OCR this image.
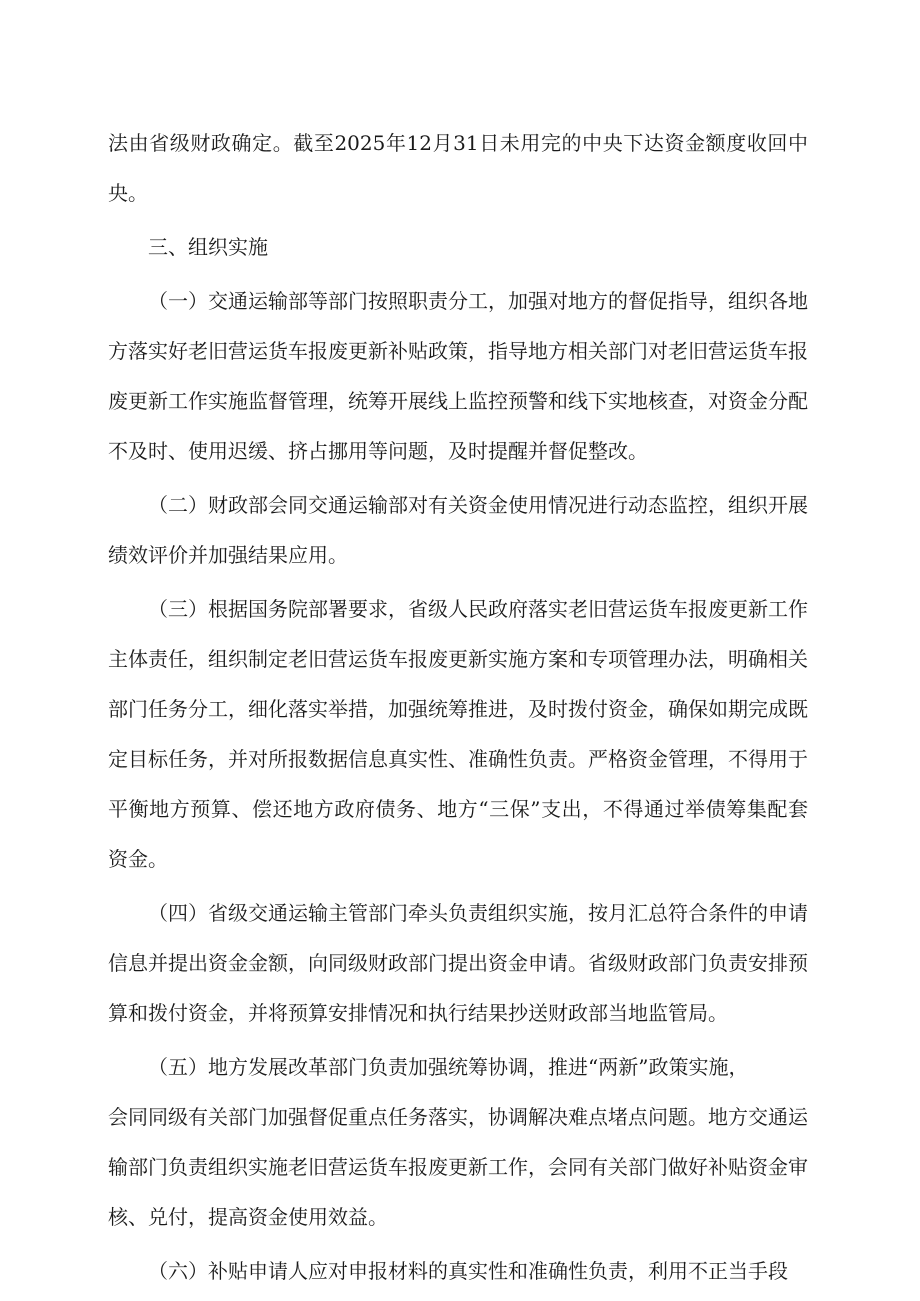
法由省级财政确定。截至2025年12月31日未用完的中央下达资金额度收回中央。

三、组织实施

（一）交通运输部等部门按照职责分工，加强对地方的督促指导，组织各地方落实好老旧营运货车报废更新补贴政策，指导地方相关部门对老旧营运货车报废更新工作实施监督管理，统筹开展线上监控预警和线下实地核查，对资金分配不及时、使用迟缓、挤占挪用等问题，及时提醒并督促整改。

（二）财政部会同交通运输部对有关资金使用情况进行动态监控，组织开展绩效评价并加强结果应用。

（三）根据国务院部署要求，省级人民政府落实老旧营运货车报废更新工作主体责任，组织制定老旧营运货车报废更新实施方案和专项管理办法，明确相关部门任务分工，细化落实举措，加强统筹推进，及时拨付资金，确保如期完成既定目标任务，并对所报数据信息真实性、准确性负责。严格资金管理，不得用于平衡地方预算、偿还地方政府债务、地方“三保”支出，不得通过举债筹集配套资金。

（四）省级交通运输主管部门牵头负责组织实施，按月汇总符合条件的申请信息并提出资金金额，向同级财政部门提出资金申请。省级财政部门负责安排预算和拨付资金，并将预算安排情况和执行结果抄送财政部当地监管局。

（五）地方发展改革部门负责加强统筹协调，推进“两新”政策实施，

会同同级有关部门加强督促重点任务落实，协调解决难点堵点问题。地方交通运输部门负责组织实施老旧营运货车报废更新工作，会同有关部门做好补贴资金审核、兑付，提高资金使用效益。

（六）补贴申请人应对申报材料的真实性和准确性负责，利用不正当手段
